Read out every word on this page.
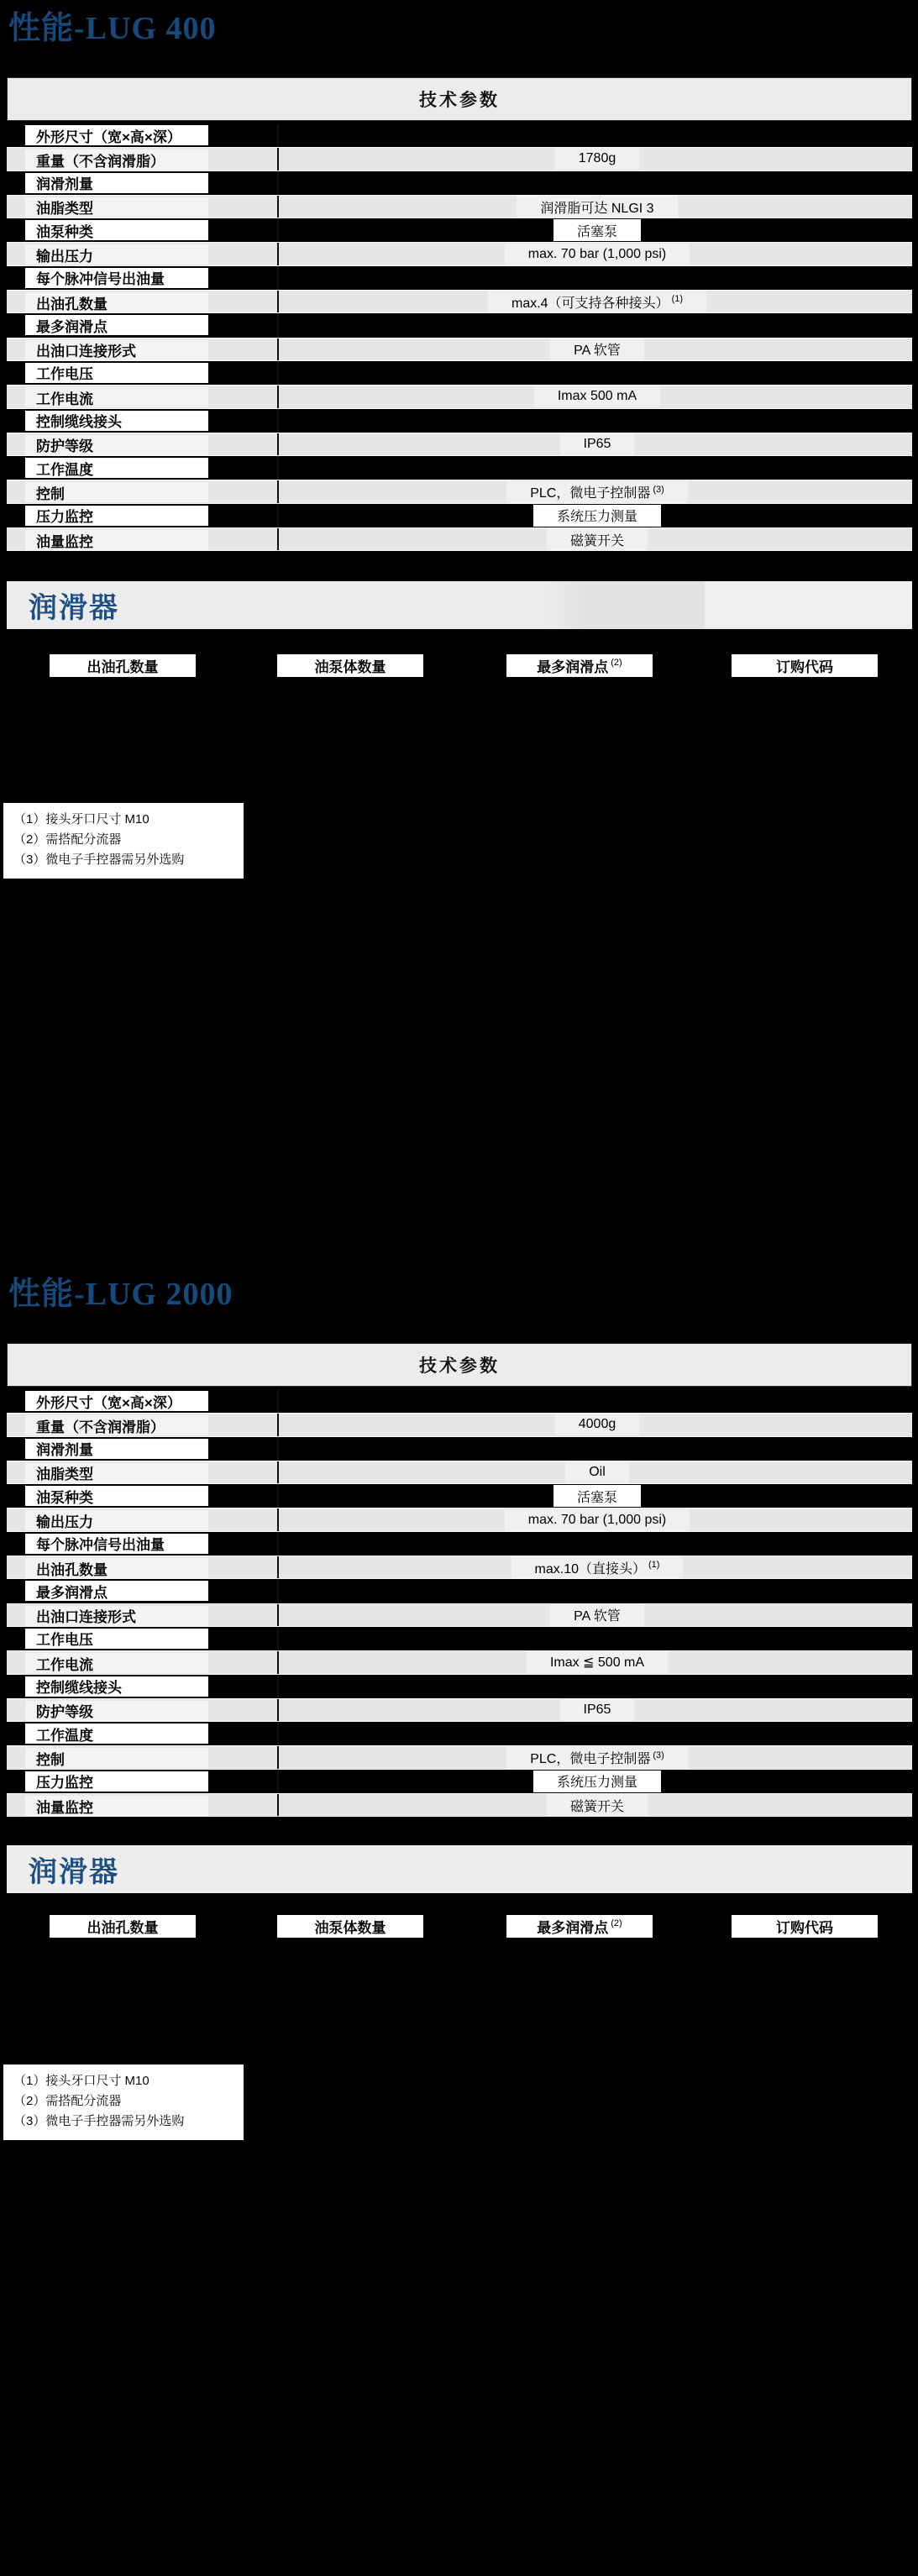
性能-LUG 400
技术参数
外形尺寸（宽×高×深）
重量（不含润滑脂）	1780g
润滑剂量
油脂类型	润滑脂可达 NLGI 3
油泵种类	活塞泵
输出压力	max. 70 bar (1,000 psi)
每个脉冲信号出油量
出油孔数量	max.4（可支持各种接头） (1)
最多润滑点
出油口连接形式	PA 软管
工作电压
工作电流	Imax 500 mA
控制缆线接头
防护等级	IP65
工作温度
控制	PLC，微电子控制器 (3)
压力监控	系统压力测量
油量监控	磁簧开关
润滑器
出油孔数量	油泵体数量	最多润滑点 $^{(2)}$	订购代码
（1）接头牙口尺寸 M10
（2）需搭配分流器
（3）微电子手控器需另外选购
性能-LUG 2000
技术参数
外形尺寸（宽×高×深）
重量（不含润滑脂）	4000g
润滑剂量
油脂类型	Oil
油泵种类	活塞泵
输出压力	max. 70 bar (1,000 psi)
每个脉冲信号出油量
出油孔数量	max.10（直接头） (1)
最多润滑点
出油口连接形式	PA 软管
工作电压
工作电流	Imax ≦ 500 mA
控制缆线接头
防护等级	IP65
工作温度
控制	PLC，微电子控制器 (3)
压力监控	系统压力测量
油量监控	磁簧开关
润滑器
出油孔数量	油泵体数量	最多润滑点 $^{(2)}$	订购代码
（1）接头牙口尺寸 M10
（2）需搭配分流器
（3）微电子手控器需另外选购
